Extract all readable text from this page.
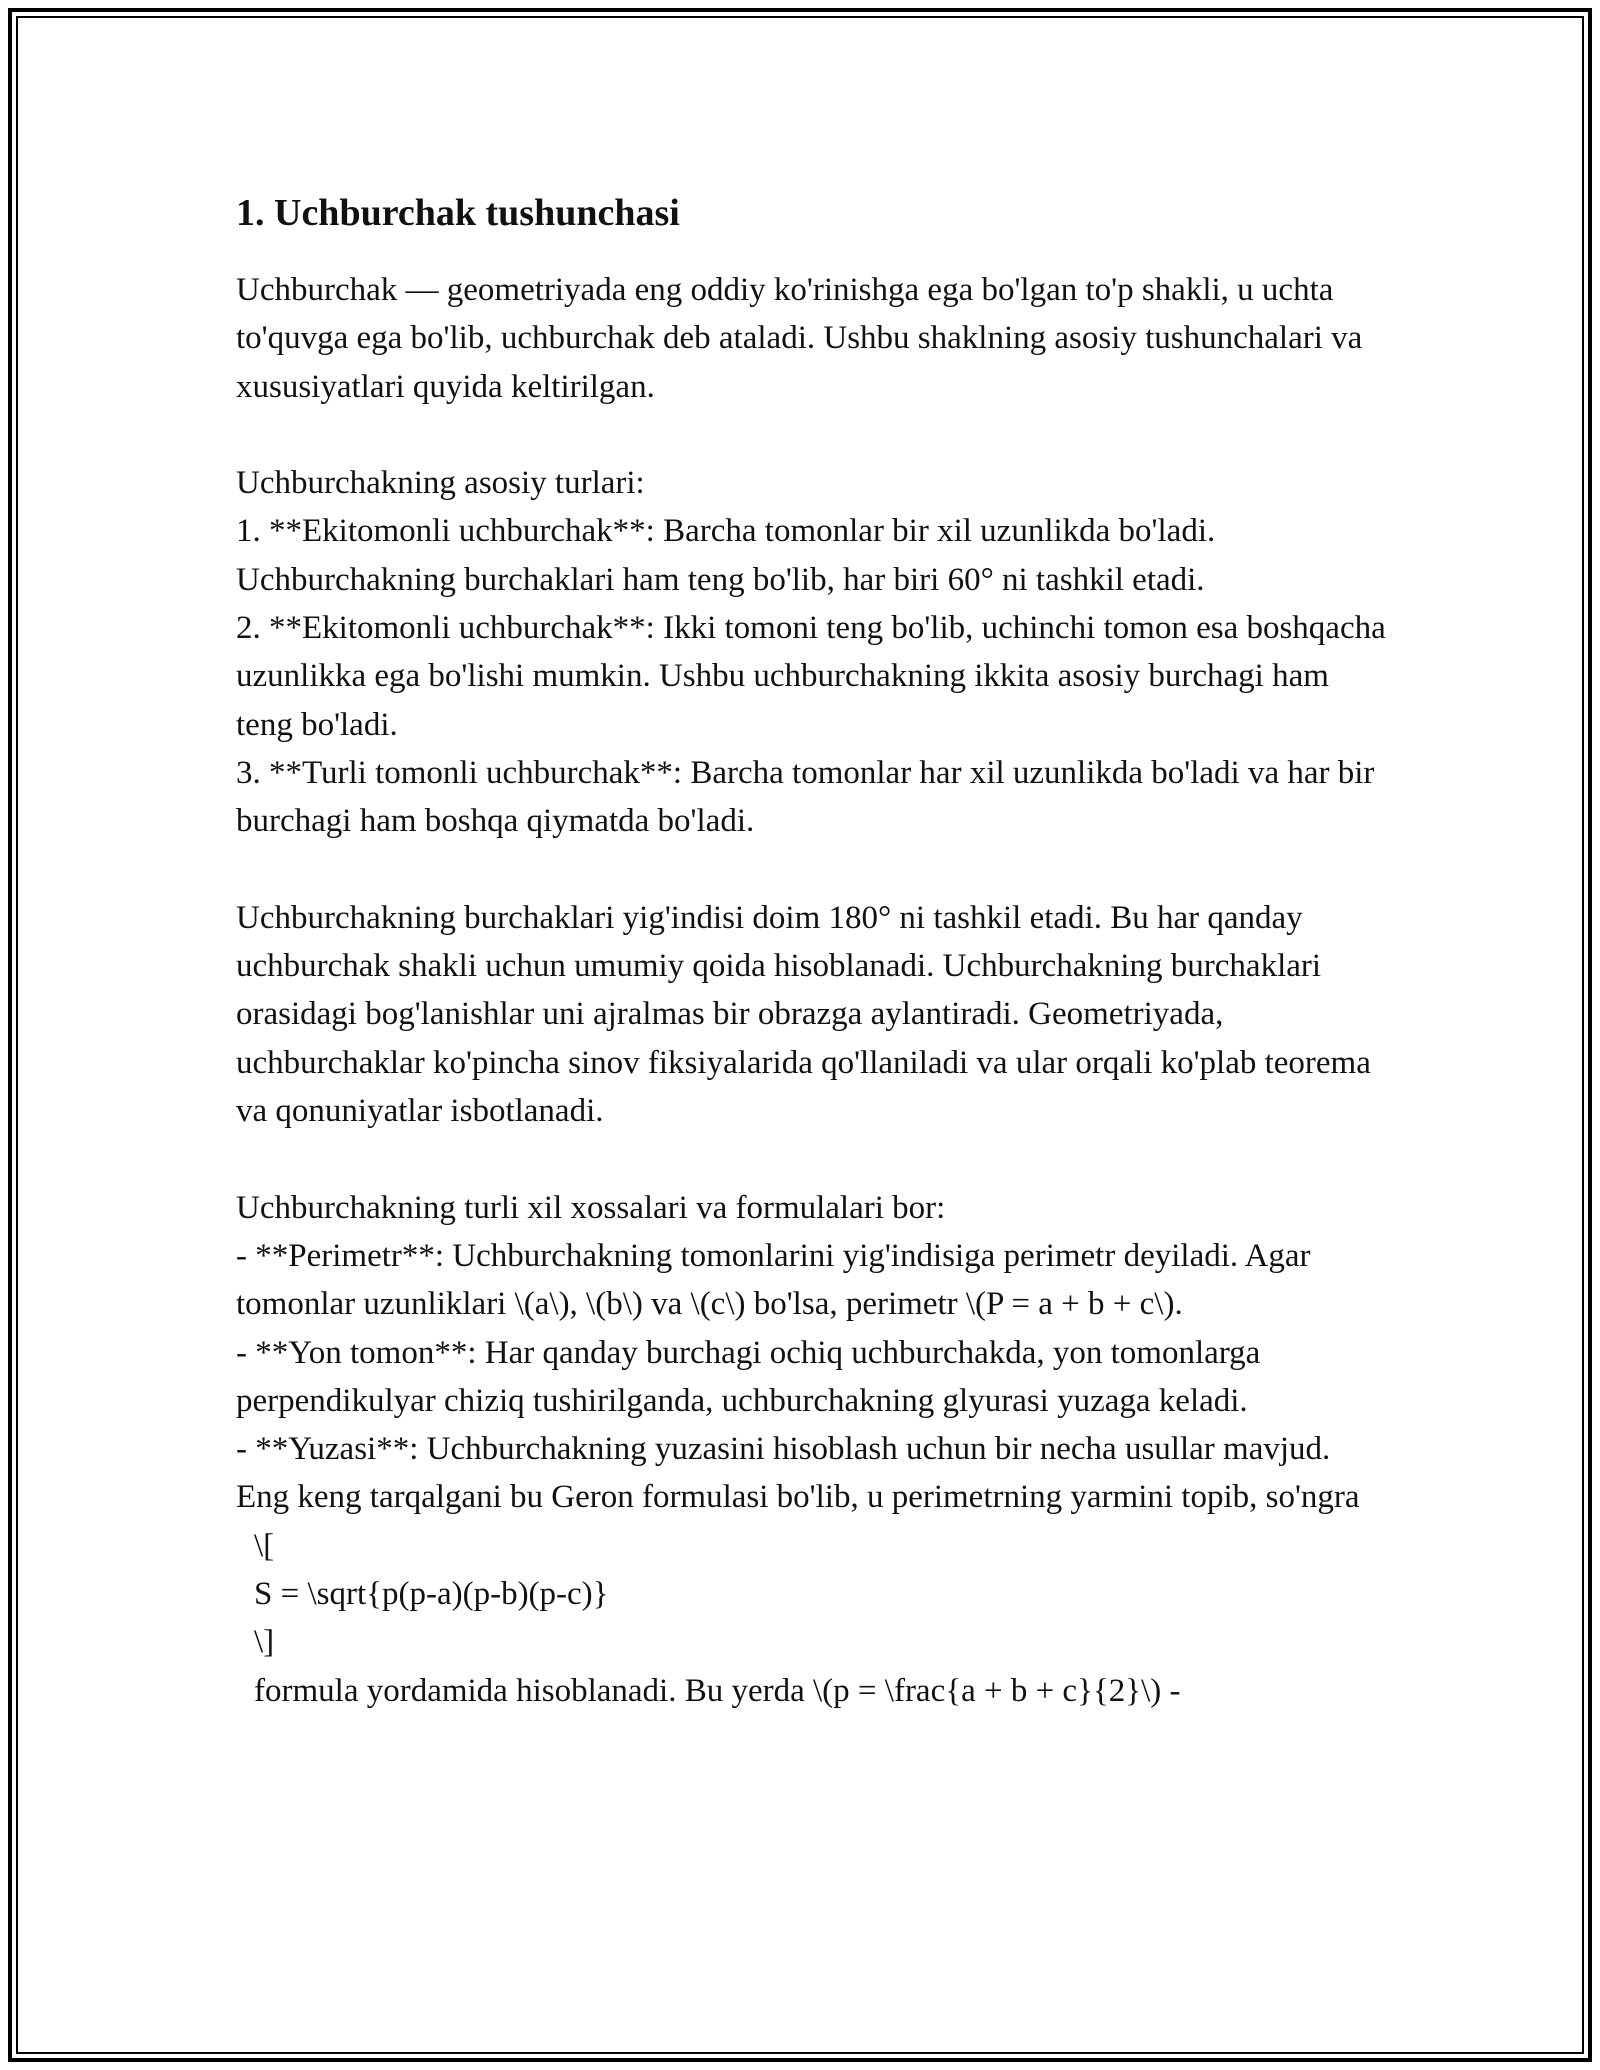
1. Uchburchak tushunchasi

Uchburchak — geometriyada eng oddiy ko'rinishga ega bo'lgan to'p shakli, u uchta to'quvga ega bo'lib, uchburchak deb ataladi. Ushbu shaklning asosiy tushunchalari va xususiyatlari quyida keltirilgan.

Uchburchakning asosiy turlari:

1. **Ekitomonli uchburchak**: Barcha tomonlar bir xil uzunlikda bo'ladi. Uchburchakning burchaklari ham teng bo'lib, har biri 60° ni tashkil etadi.

2. **Ekitomonli uchburchak**: Ikki tomoni teng bo'lib, uchinchi tomon esa boshqacha uzunlikka ega bo'lishi mumkin. Ushbu uchburchakning ikkita asosiy burchagi ham teng bo'ladi.

3. **Turli tomonli uchburchak**: Barcha tomonlar har xil uzunlikda bo'ladi va har bir burchagi ham boshqa qiymatda bo'ladi.

Uchburchakning burchaklari yig'indisi doim 180° ni tashkil etadi. Bu har qanday uchburchak shakli uchun umumiy qoida hisoblanadi. Uchburchakning burchaklari orasidagi bog'lanishlar uni ajralmas bir obrazga aylantiradi. Geometriyada, uchburchaklar ko'pincha sinov fiksiyalarida qo'llaniladi va ular orqali ko'plab teorema va qonuniyatlar isbotlanadi.

Uchburchakning turli xil xossalari va formulalari bor:

- **Perimetr**: Uchburchakning tomonlarini yig'indisiga perimetr deyiladi. Agar tomonlar uzunliklari \(a\), \(b\) va \(c\) bo'lsa, perimetr \(P = a + b + c\).

- **Yon tomon**: Har qanday burchagi ochiq uchburchakda, yon tomonlarga perpendikulyar chiziq tushirilganda, uchburchakning glyurasi yuzaga keladi.

- **Yuzasi**: Uchburchakning yuzasini hisoblash uchun bir necha usullar mavjud. Eng keng tarqalgani bu Geron formulasi bo'lib, u perimetrning yarmini topib, so'ngra

\[

S = \sqrt{p(p-a)(p-b)(p-c)}

\]

formula yordamida hisoblanadi. Bu yerda \(p = \frac{a + b + c}{2}\) -
